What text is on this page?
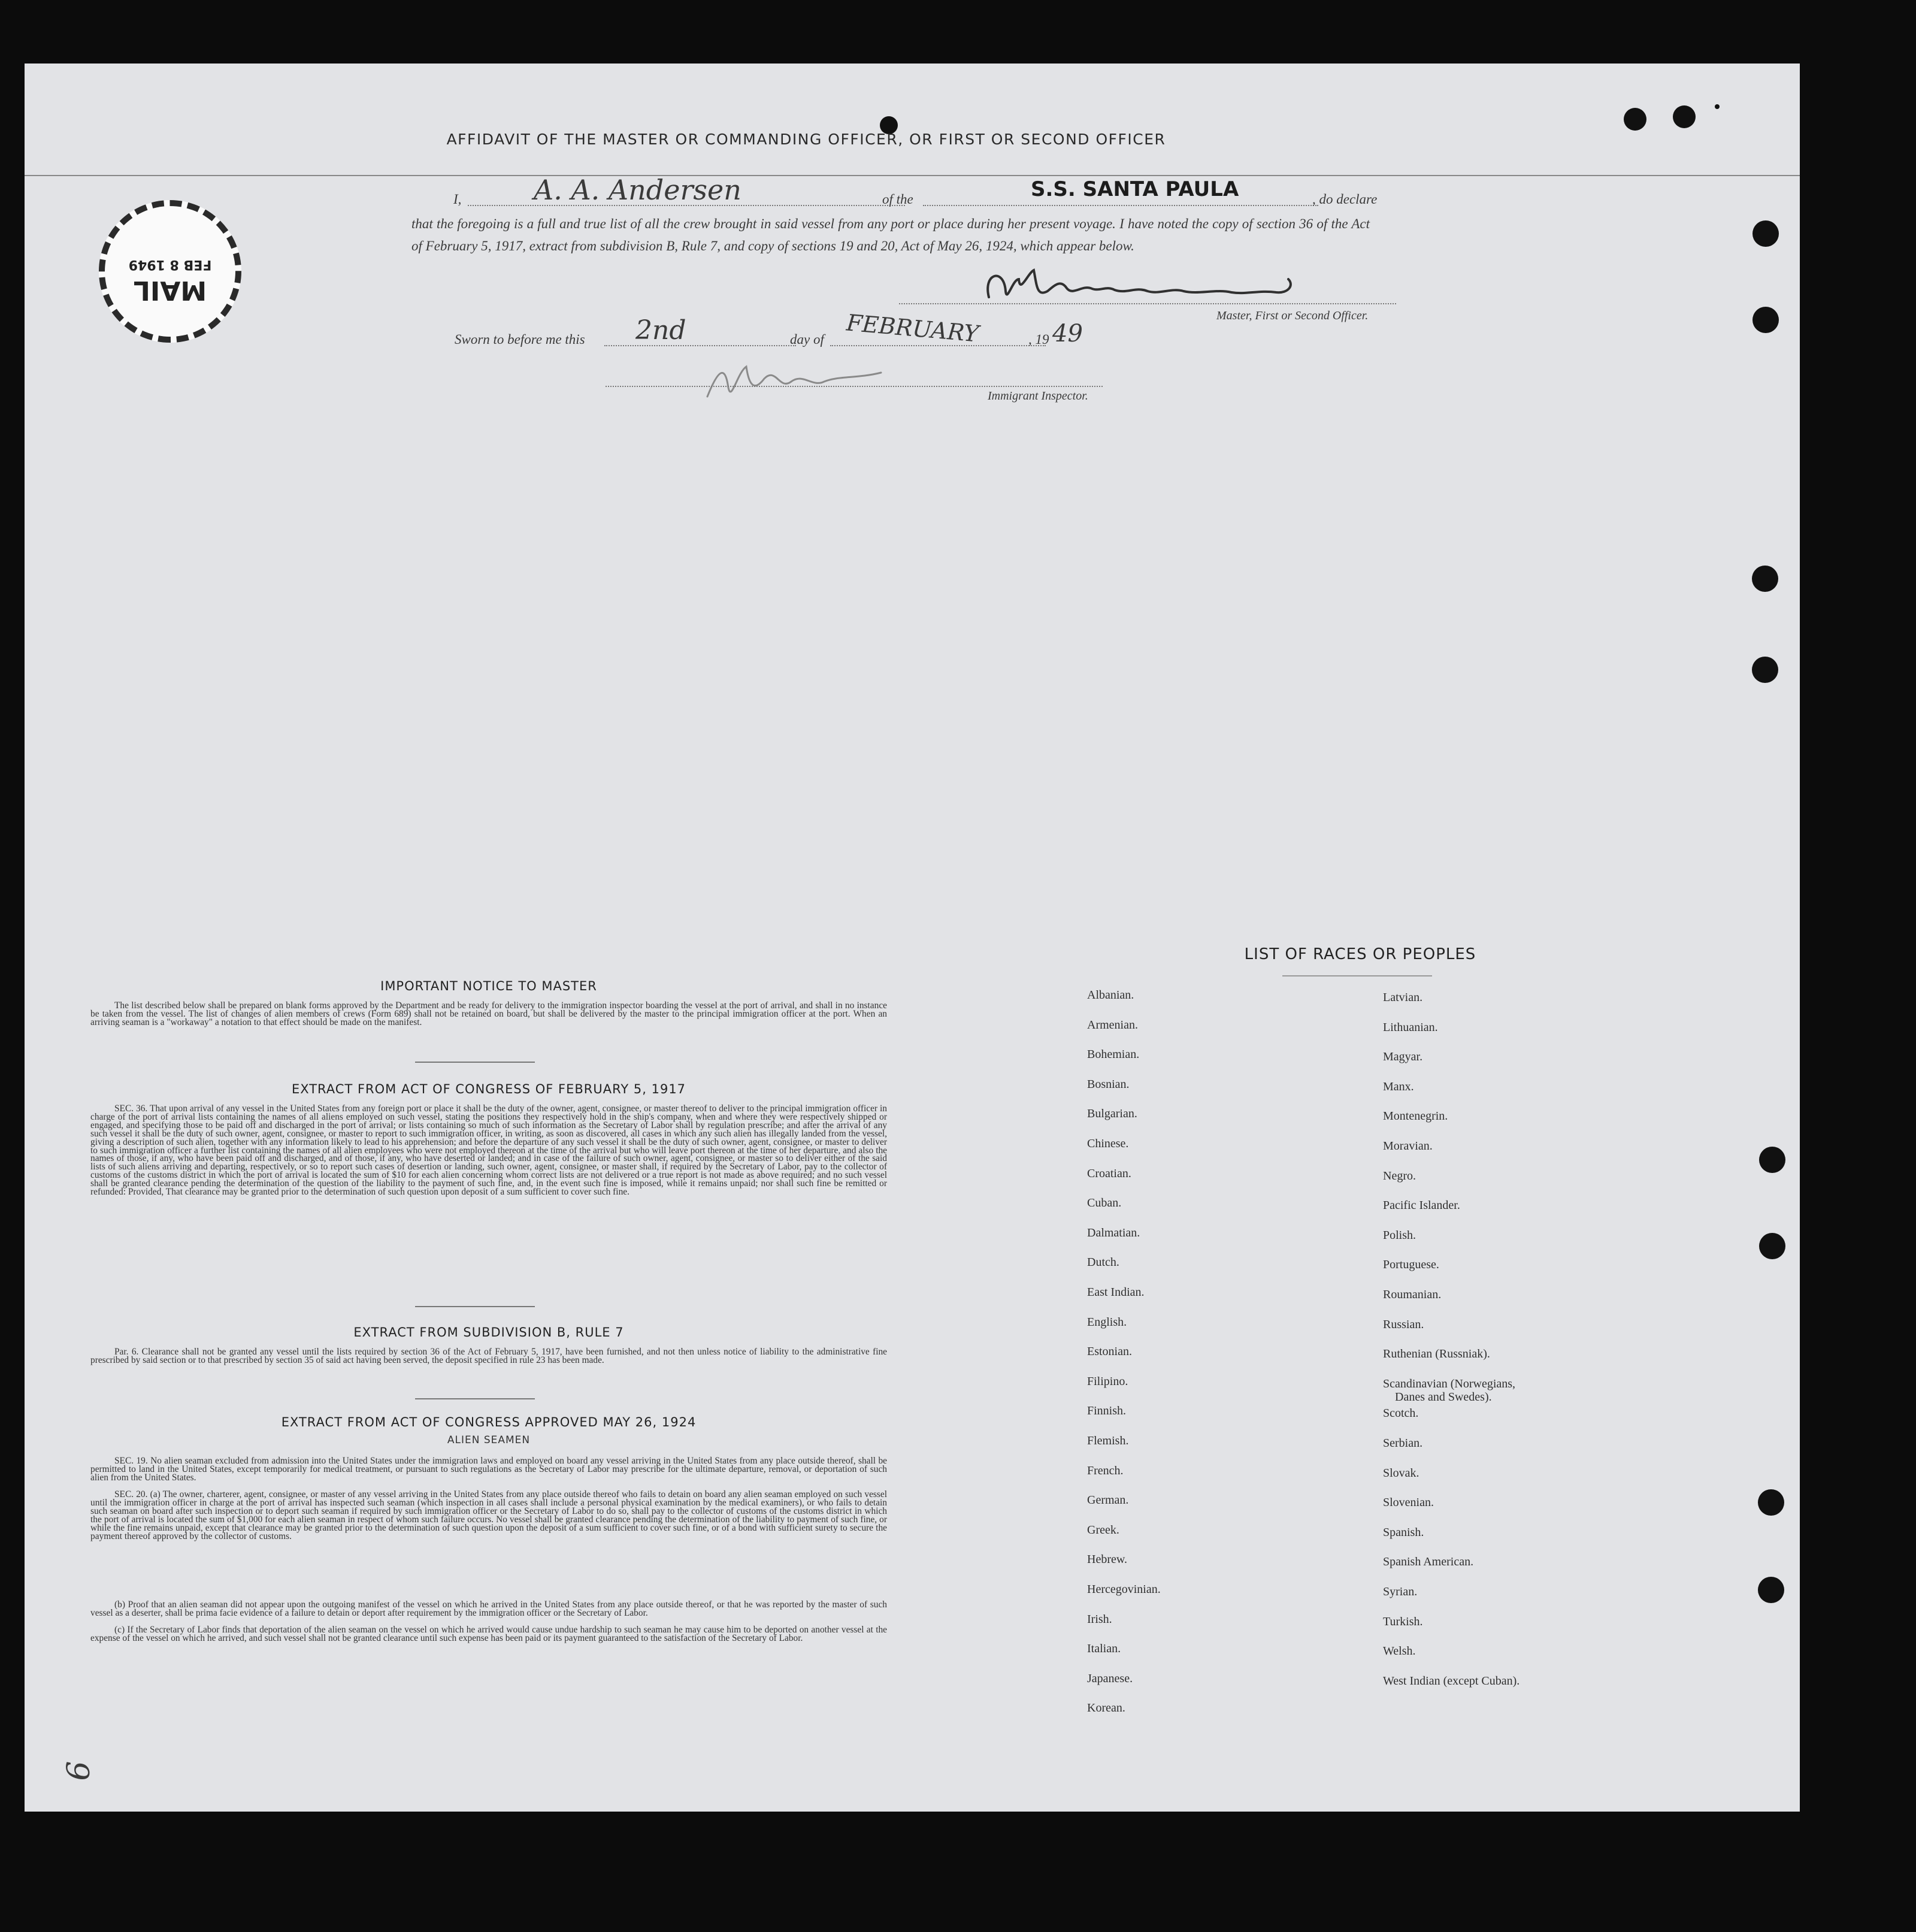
AFFIDAVIT OF THE MASTER OR COMMANDING OFFICER, OR FIRST OR SECOND OFFICER
I,	A. A. Andersen	of the	S.S. SANTA PAULA	, do declare
that the foregoing is a full and true list of all the crew brought in said vessel from any port or place during her present voyage. I have noted the copy of section 36 of the Act of February 5, 1917, extract from subdivision B, Rule 7, and copy of sections 19 and 20, Act of May 26, 1924, which appear below.
Master, First or Second Officer.
Sworn to before me this 2nd	day of FEBRUARY	, 19 49
Immigrant Inspector.
MAIL
FEB 8 1949
IMPORTANT NOTICE TO MASTER
The list described below shall be prepared on blank forms approved by the Department and be ready for delivery to the immigration inspector boarding the vessel at the port of arrival, and shall in no instance be taken from the vessel. The list of changes of alien members of crews (Form 689) shall not be retained on board, but shall be delivered by the master to the principal immigration officer at the port. When an arriving seaman is a "workaway" a notation to that effect should be made on the manifest.
EXTRACT FROM ACT OF CONGRESS OF FEBRUARY 5, 1917
SEC. 36. That upon arrival of any vessel in the United States from any foreign port or place it shall be the duty of the owner, agent, consignee, or master thereof to deliver to the principal immigration officer in charge of the port of arrival lists containing the names of all aliens employed on such vessel, stating the positions they respectively hold in the ship's company, when and where they were respectively shipped or engaged, and specifying those to be paid off and discharged in the port of arrival; or lists containing so much of such information as the Secretary of Labor shall by regulation prescribe; and after the arrival of any such vessel it shall be the duty of such owner, agent, consignee, or master to report to such immigration officer, in writing, as soon as discovered, all cases in which any such alien has illegally landed from the vessel, giving a description of such alien, together with any information likely to lead to his apprehension; and before the departure of any such vessel it shall be the duty of such owner, agent, consignee, or master to deliver to such immigration officer a further list containing the names of all alien employees who were not employed thereon at the time of the arrival but who will leave port thereon at the time of her departure, and also the names of those, if any, who have been paid off and discharged, and of those, if any, who have deserted or landed; and in case of the failure of such owner, agent, consignee, or master so to deliver either of the said lists of such aliens arriving and departing, respectively, or so to report such cases of desertion or landing, such owner, agent, consignee, or master shall, if required by the Secretary of Labor, pay to the collector of customs of the customs district in which the port of arrival is located the sum of $10 for each alien concerning whom correct lists are not delivered or a true report is not made as above required; and no such vessel shall be granted clearance pending the determination of the question of the liability to the payment of such fine, and, in the event such fine is imposed, while it remains unpaid; nor shall such fine be remitted or refunded: Provided, That clearance may be granted prior to the determination of such question upon deposit of a sum sufficient to cover such fine.
EXTRACT FROM SUBDIVISION B, RULE 7
Par. 6. Clearance shall not be granted any vessel until the lists required by section 36 of the Act of February 5, 1917, have been furnished, and not then unless notice of liability to the administrative fine prescribed by said section or to that prescribed by section 35 of said act having been served, the deposit specified in rule 23 has been made.
EXTRACT FROM ACT OF CONGRESS APPROVED MAY 26, 1924
ALIEN SEAMEN
SEC. 19. No alien seaman excluded from admission into the United States under the immigration laws and employed on board any vessel arriving in the United States from any place outside thereof, shall be permitted to land in the United States, except temporarily for medical treatment, or pursuant to such regulations as the Secretary of Labor may prescribe for the ultimate departure, removal, or deportation of such alien from the United States.
SEC. 20. (a) The owner, charterer, agent, consignee, or master of any vessel arriving in the United States from any place outside thereof who fails to detain on board any alien seaman employed on such vessel until the immigration officer in charge at the port of arrival has inspected such seaman (which inspection in all cases shall include a personal physical examination by the medical examiners), or who fails to detain such seaman on board after such inspection or to deport such seaman if required by such immigration officer or the Secretary of Labor to do so, shall pay to the collector of customs of the customs district in which the port of arrival is located the sum of $1,000 for each alien seaman in respect of whom such failure occurs. No vessel shall be granted clearance pending the determination of the liability to payment of such fine, or while the fine remains unpaid, except that clearance may be granted prior to the determination of such question upon the deposit of a sum sufficient to cover such fine, or of a bond with sufficient surety to secure the payment thereof approved by the collector of customs.
(b) Proof that an alien seaman did not appear upon the outgoing manifest of the vessel on which he arrived in the United States from any place outside thereof, or that he was reported by the master of such vessel as a deserter, shall be prima facie evidence of a failure to detain or deport after requirement by the immigration officer or the Secretary of Labor.
(c) If the Secretary of Labor finds that deportation of the alien seaman on the vessel on which he arrived would cause undue hardship to such seaman he may cause him to be deported on another vessel at the expense of the vessel on which he arrived, and such vessel shall not be granted clearance until such expense has been paid or its payment guaranteed to the satisfaction of the Secretary of Labor.
LIST OF RACES OR PEOPLES
Albanian.
Armenian.
Bohemian.
Bosnian.
Bulgarian.
Chinese.
Croatian.
Cuban.
Dalmatian.
Dutch.
East Indian.
English.
Estonian.
Filipino.
Finnish.
Flemish.
French.
German.
Greek.
Hebrew.
Hercegovinian.
Irish.
Italian.
Japanese.
Korean.
Latvian.
Lithuanian.
Magyar.
Manx.
Montenegrin.
Moravian.
Negro.
Pacific Islander.
Polish.
Portuguese.
Roumanian.
Russian.
Ruthenian (Russniak).
Scandinavian (Norwegians,
Danes and Swedes).
Scotch.
Serbian.
Slovak.
Slovenian.
Spanish.
Spanish American.
Syrian.
Turkish.
Welsh.
West Indian (except Cuban).
9
